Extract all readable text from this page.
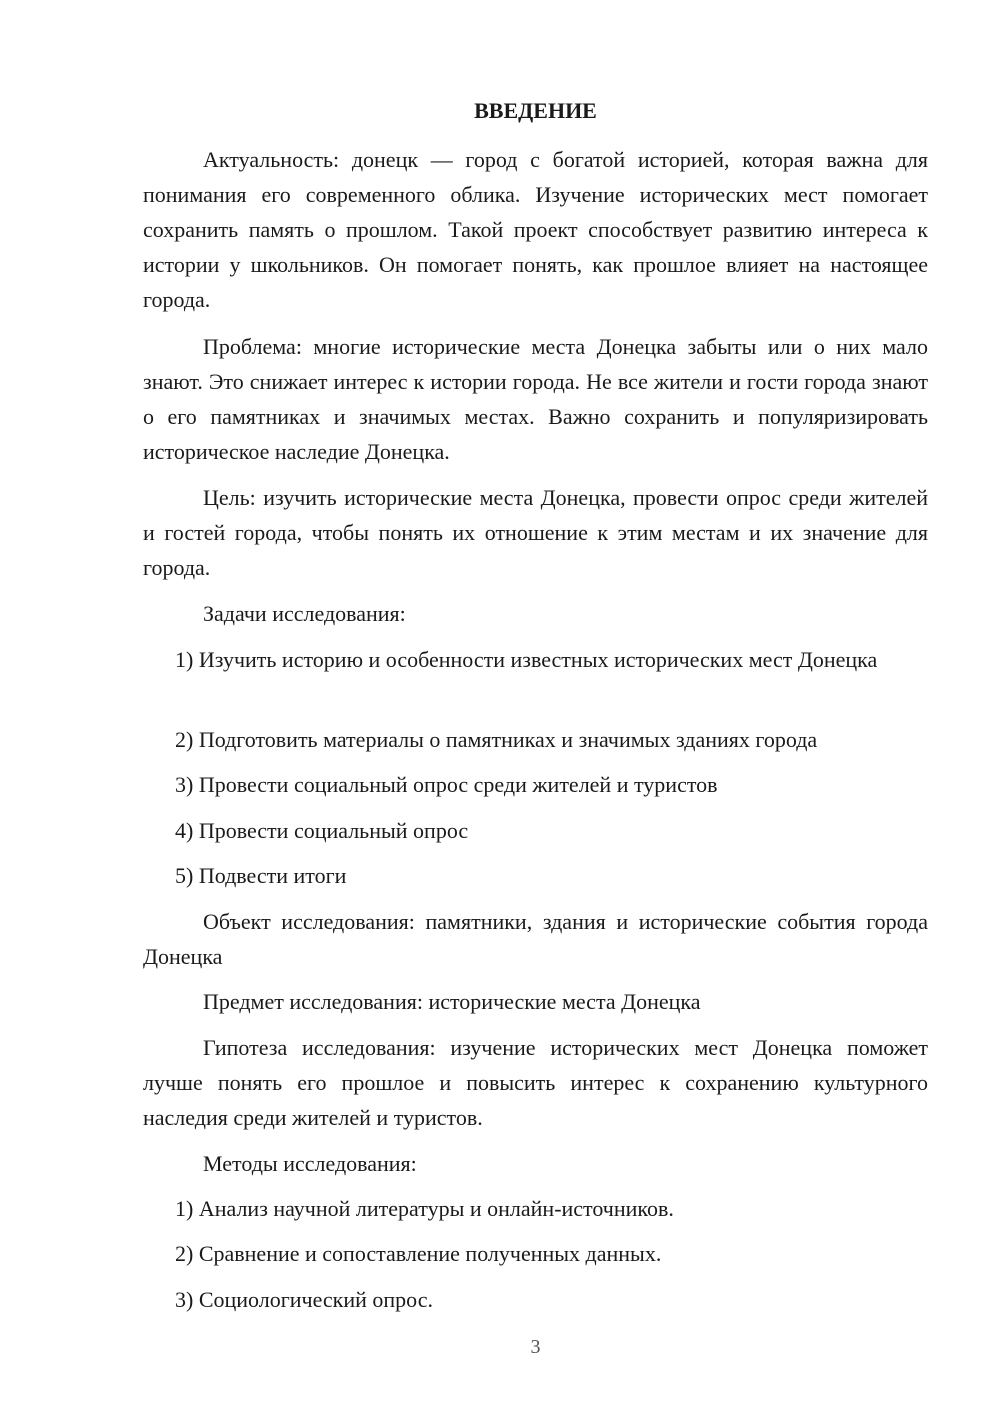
ВВЕДЕНИЕ

Актуальность: донецк — город с богатой историей, которая важна для понимания его современного облика. Изучение исторических мест помогает сохранить память о прошлом. Такой проект способствует развитию интереса к истории у школьников. Он помогает понять, как прошлое влияет на настоящее города.

Проблема: многие исторические места Донецка забыты или о них мало знают. Это снижает интерес к истории города. Не все жители и гости города знают о его памятниках и значимых местах. Важно сохранить и популяризировать историческое наследие Донецка.

Цель: изучить исторические места Донецка, провести опрос среди жителей и гостей города, чтобы понять их отношение к этим местам и их значение для города.

Задачи исследования:

1) Изучить историю и особенности известных исторических мест Донецка

2) Подготовить материалы о памятниках и значимых зданиях города

3) Провести социальный опрос среди жителей и туристов

4) Провести социальный опрос

5) Подвести итоги

Объект исследования: памятники, здания и исторические события города Донецка

Предмет исследования: исторические места Донецка

Гипотеза исследования: изучение исторических мест Донецка поможет лучше понять его прошлое и повысить интерес к сохранению культурного наследия среди жителей и туристов.

Методы исследования:

1) Анализ научной литературы и онлайн-источников.

2) Сравнение и сопоставление полученных данных.

3) Социологический опрос.

3
